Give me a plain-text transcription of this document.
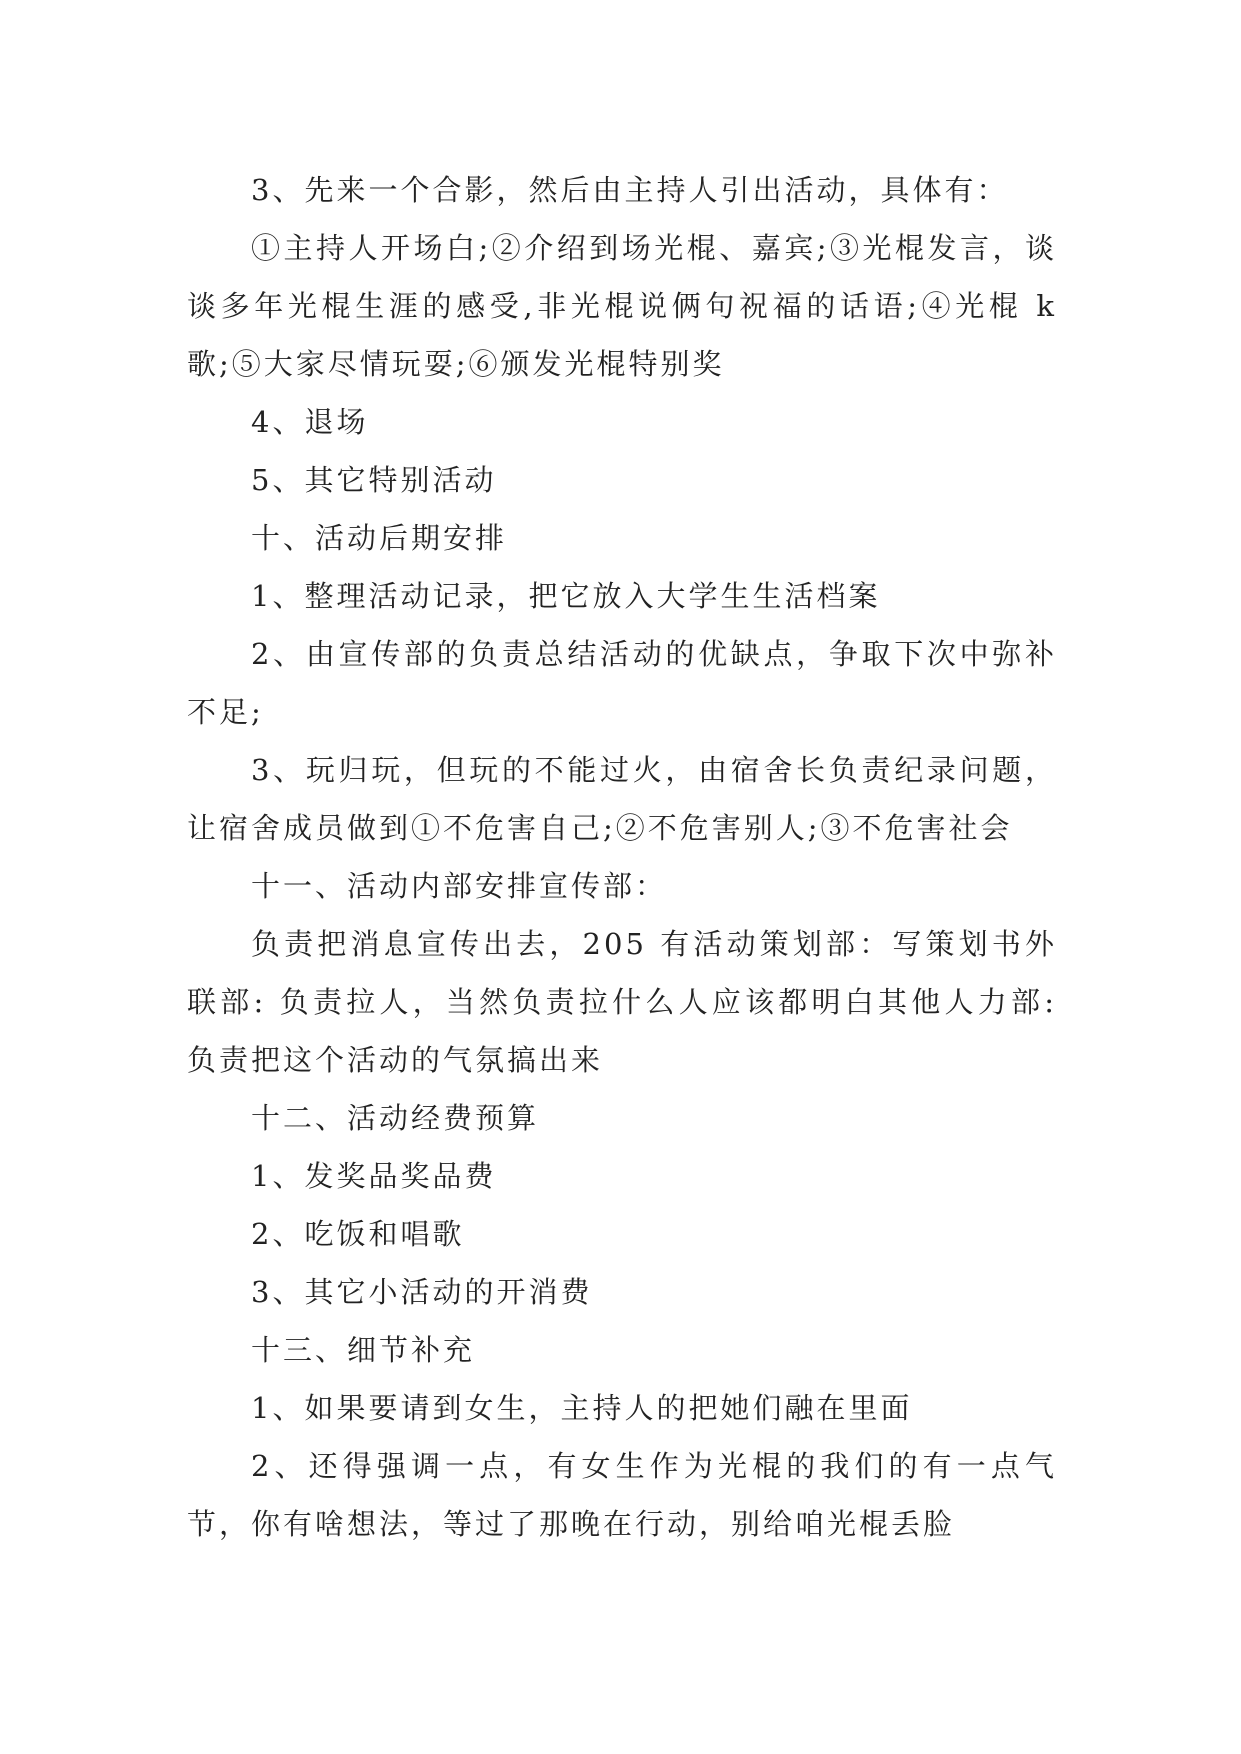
3、先来一个合影，然后由主持人引出活动，具体有：

①主持人开场白;②介绍到场光棍、嘉宾;③光棍发言，谈谈多年光棍生涯的感受,非光棍说俩句祝福的话语;④光棍 k 歌;⑤大家尽情玩耍;⑥颁发光棍特别奖

4、退场

5、其它特别活动

十、活动后期安排

1、整理活动记录，把它放入大学生生活档案

2、由宣传部的负责总结活动的优缺点，争取下次中弥补不足;

3、玩归玩，但玩的不能过火，由宿舍长负责纪录问题，让宿舍成员做到①不危害自己;②不危害别人;③不危害社会

十一、活动内部安排宣传部：

负责把消息宣传出去，205 有活动策划部：写策划书外联部: 负责拉人，当然负责拉什么人应该都明白其他人力部: 负责把这个活动的气氛搞出来

十二、活动经费预算

1、发奖品奖品费

2、吃饭和唱歌

3、其它小活动的开消费

十三、细节补充

1、如果要请到女生，主持人的把她们融在里面

2、还得强调一点，有女生作为光棍的我们的有一点气节，你有啥想法，等过了那晚在行动，别给咱光棍丢脸
